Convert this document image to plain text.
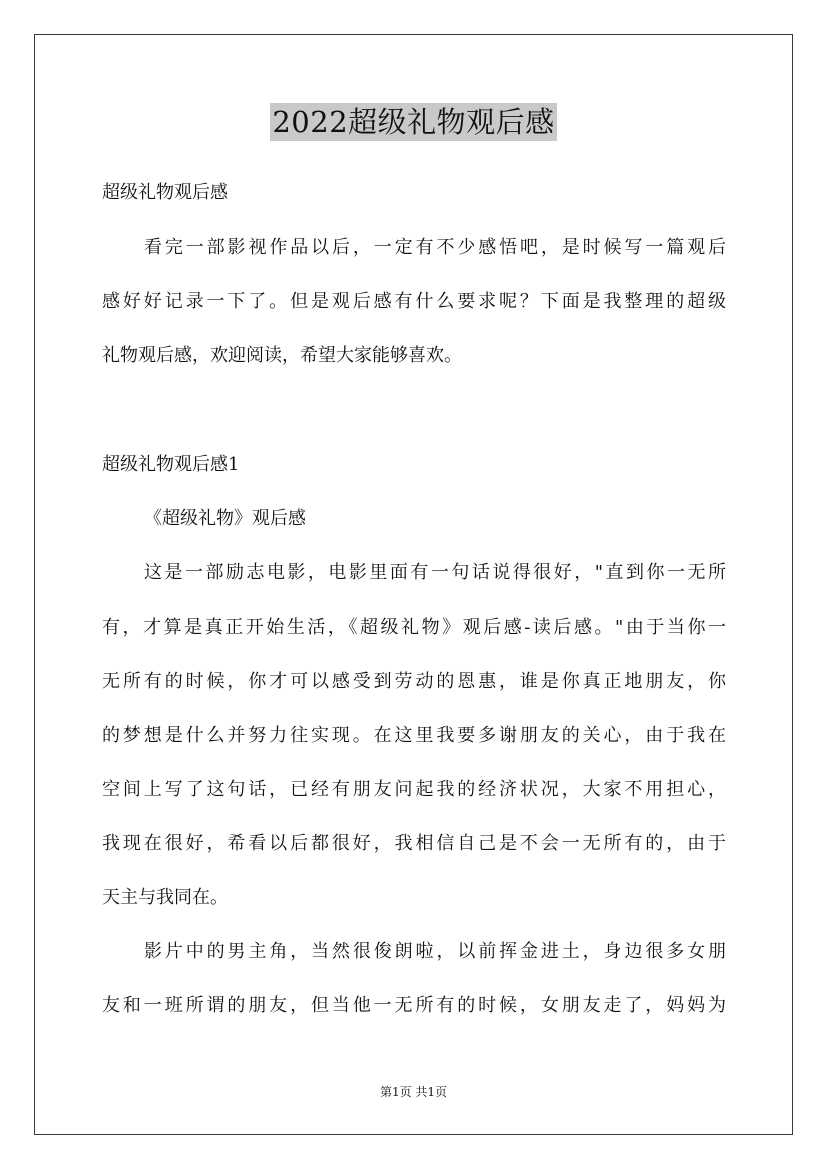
2022超级礼物观后感
超级礼物观后感
看完一部影视作品以后，一定有不少感悟吧，是时候写一篇观后
感好好记录一下了。但是观后感有什么要求呢？下面是我整理的超级
礼物观后感，欢迎阅读，希望大家能够喜欢。
超级礼物观后感1
《超级礼物》观后感
这是一部励志电影，电影里面有一句话说得很好，"直到你一无所
有，才算是真正开始生活，《超级礼物》观后感-读后感。"由于当你一
无所有的时候，你才可以感受到劳动的恩惠，谁是你真正地朋友，你
的梦想是什么并努力往实现。在这里我要多谢朋友的关心，由于我在
空间上写了这句话，已经有朋友问起我的经济状况，大家不用担心，
我现在很好，希看以后都很好，我相信自己是不会一无所有的，由于
天主与我同在。
影片中的男主角，当然很俊朗啦，以前挥金进土，身边很多女朋
友和一班所谓的朋友，但当他一无所有的时候，女朋友走了，妈妈为
第1页 共1页
